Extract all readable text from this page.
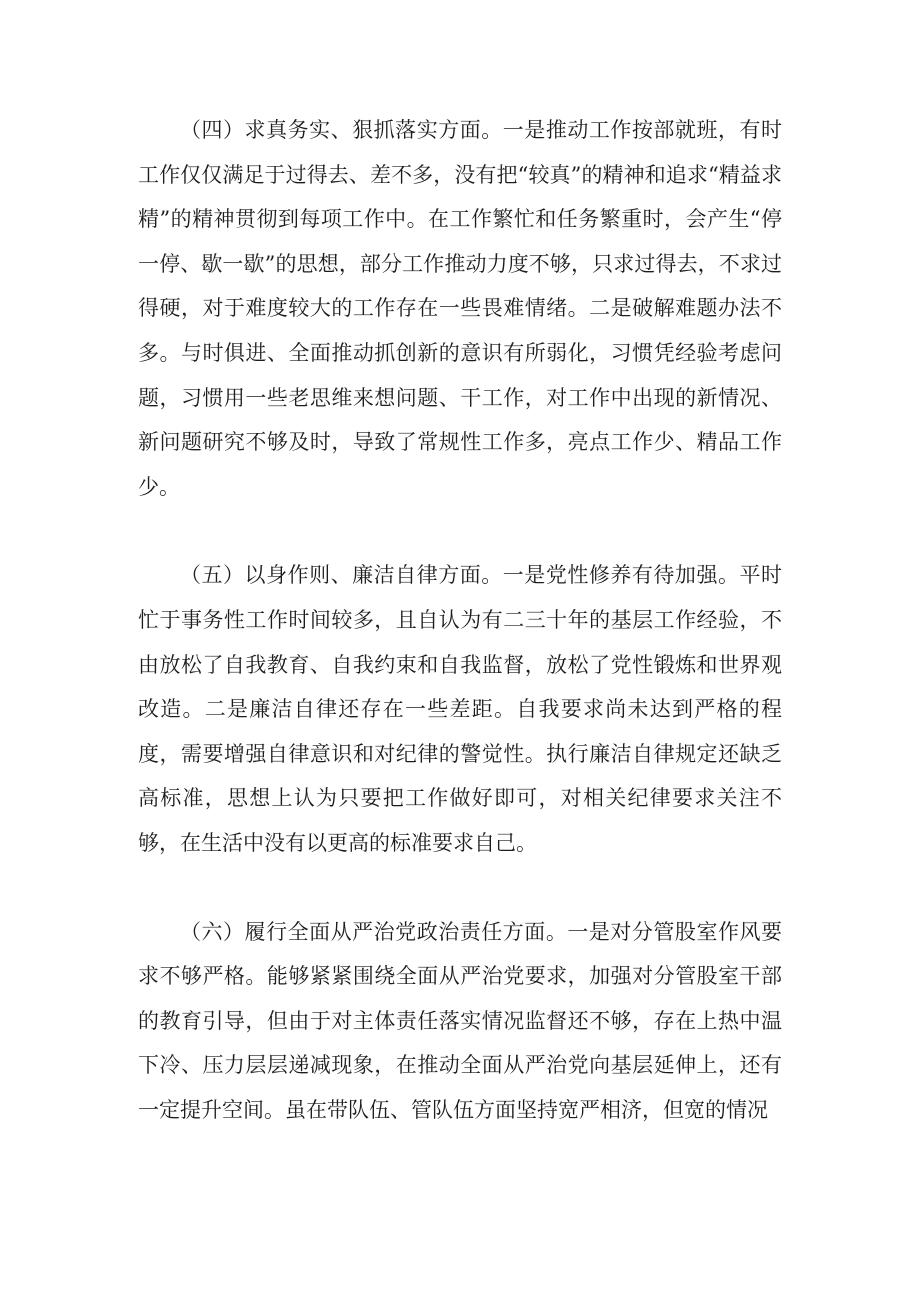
（四）求真务实、狠抓落实方面。一是推动工作按部就班，有时工作仅仅满足于过得去、差不多，没有把“较真”的精神和追求“精益求精”的精神贯彻到每项工作中。在工作繁忙和任务繁重时，会产生“停一停、歇一歇”的思想，部分工作推动力度不够，只求过得去，不求过得硬，对于难度较大的工作存在一些畏难情绪。二是破解难题办法不多。与时俱进、全面推动抓创新的意识有所弱化，习惯凭经验考虑问题，习惯用一些老思维来想问题、干工作，对工作中出现的新情况、新问题研究不够及时，导致了常规性工作多，亮点工作少、精品工作少。

（五）以身作则、廉洁自律方面。一是党性修养有待加强。平时忙于事务性工作时间较多，且自认为有二三十年的基层工作经验，不由放松了自我教育、自我约束和自我监督，放松了党性锻炼和世界观改造。二是廉洁自律还存在一些差距。自我要求尚未达到严格的程度，需要增强自律意识和对纪律的警觉性。执行廉洁自律规定还缺乏高标准，思想上认为只要把工作做好即可，对相关纪律要求关注不够，在生活中没有以更高的标准要求自己。

（六）履行全面从严治党政治责任方面。一是对分管股室作风要求不够严格。能够紧紧围绕全面从严治党要求，加强对分管股室干部的教育引导，但由于对主体责任落实情况监督还不够，存在上热中温下冷、压力层层递减现象，在推动全面从严治党向基层延伸上，还有一定提升空间。虽在带队伍、管队伍方面坚持宽严相济，但宽的情况
